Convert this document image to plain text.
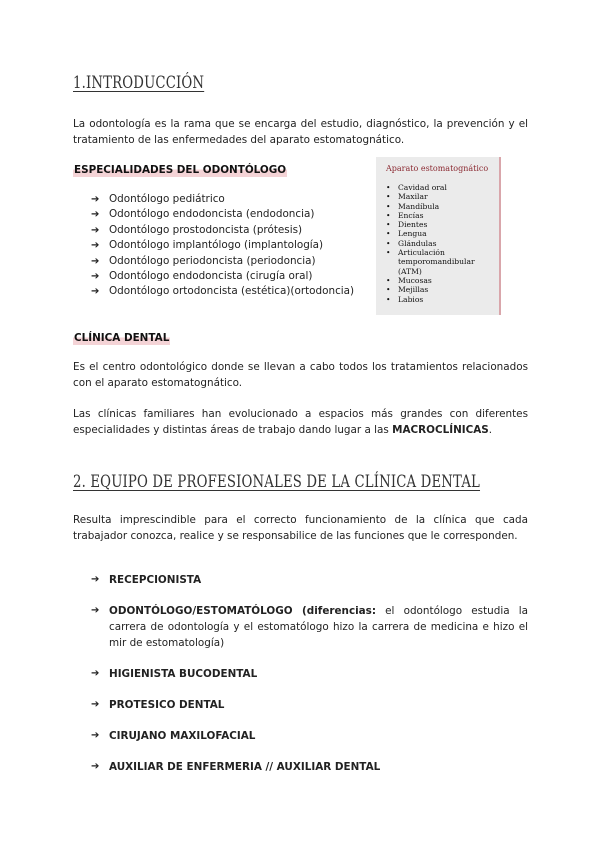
1.INTRODUCCIÓN
La odontología es la rama que se encarga del estudio, diagnóstico, la prevención y el tratamiento de las enfermedades del aparato estomatognático.
ESPECIALIDADES DEL ODONTÓLOGO
➔ Odontólogo pediátrico
➔ Odontólogo endodoncista (endodoncia)
➔ Odontólogo prostodoncista (prótesis)
➔ Odontólogo implantólogo (implantología)
➔ Odontólogo periodoncista (periodoncia)
➔ Odontólogo endodoncista (cirugía oral)
➔ Odontólogo ortodoncista (estética)(ortodoncia)
Aparato estomatognático
• Cavidad oral
• Maxilar
• Mandíbula
• Encías
• Dientes
• Lengua
• Glándulas
• Articulación temporomandibular (ATM)
• Mucosas
• Mejillas
• Labios
CLÍNICA DENTAL
Es el centro odontológico donde se llevan a cabo todos los tratamientos relacionados con el aparato estomatognático.
Las clínicas familiares han evolucionado a espacios más grandes con diferentes especialidades y distintas áreas de trabajo dando lugar a las MACROCLÍNICAS.
2. EQUIPO DE PROFESIONALES DE LA CLÍNICA DENTAL
Resulta imprescindible para el correcto funcionamiento de la clínica que cada trabajador conozca, realice y se responsabilice de las funciones que le corresponden.
➔ RECEPCIONISTA
➔ ODONTÓLOGO/ESTOMATÓLOGO (diferencias: el odontólogo estudia la carrera de odontología y el estomatólogo hizo la carrera de medicina e hizo el mir de estomatología)
➔ HIGIENISTA BUCODENTAL
➔ PROTESICO DENTAL
➔ CIRUJANO MAXILOFACIAL
➔ AUXILIAR DE ENFERMERIA // AUXILIAR DENTAL
